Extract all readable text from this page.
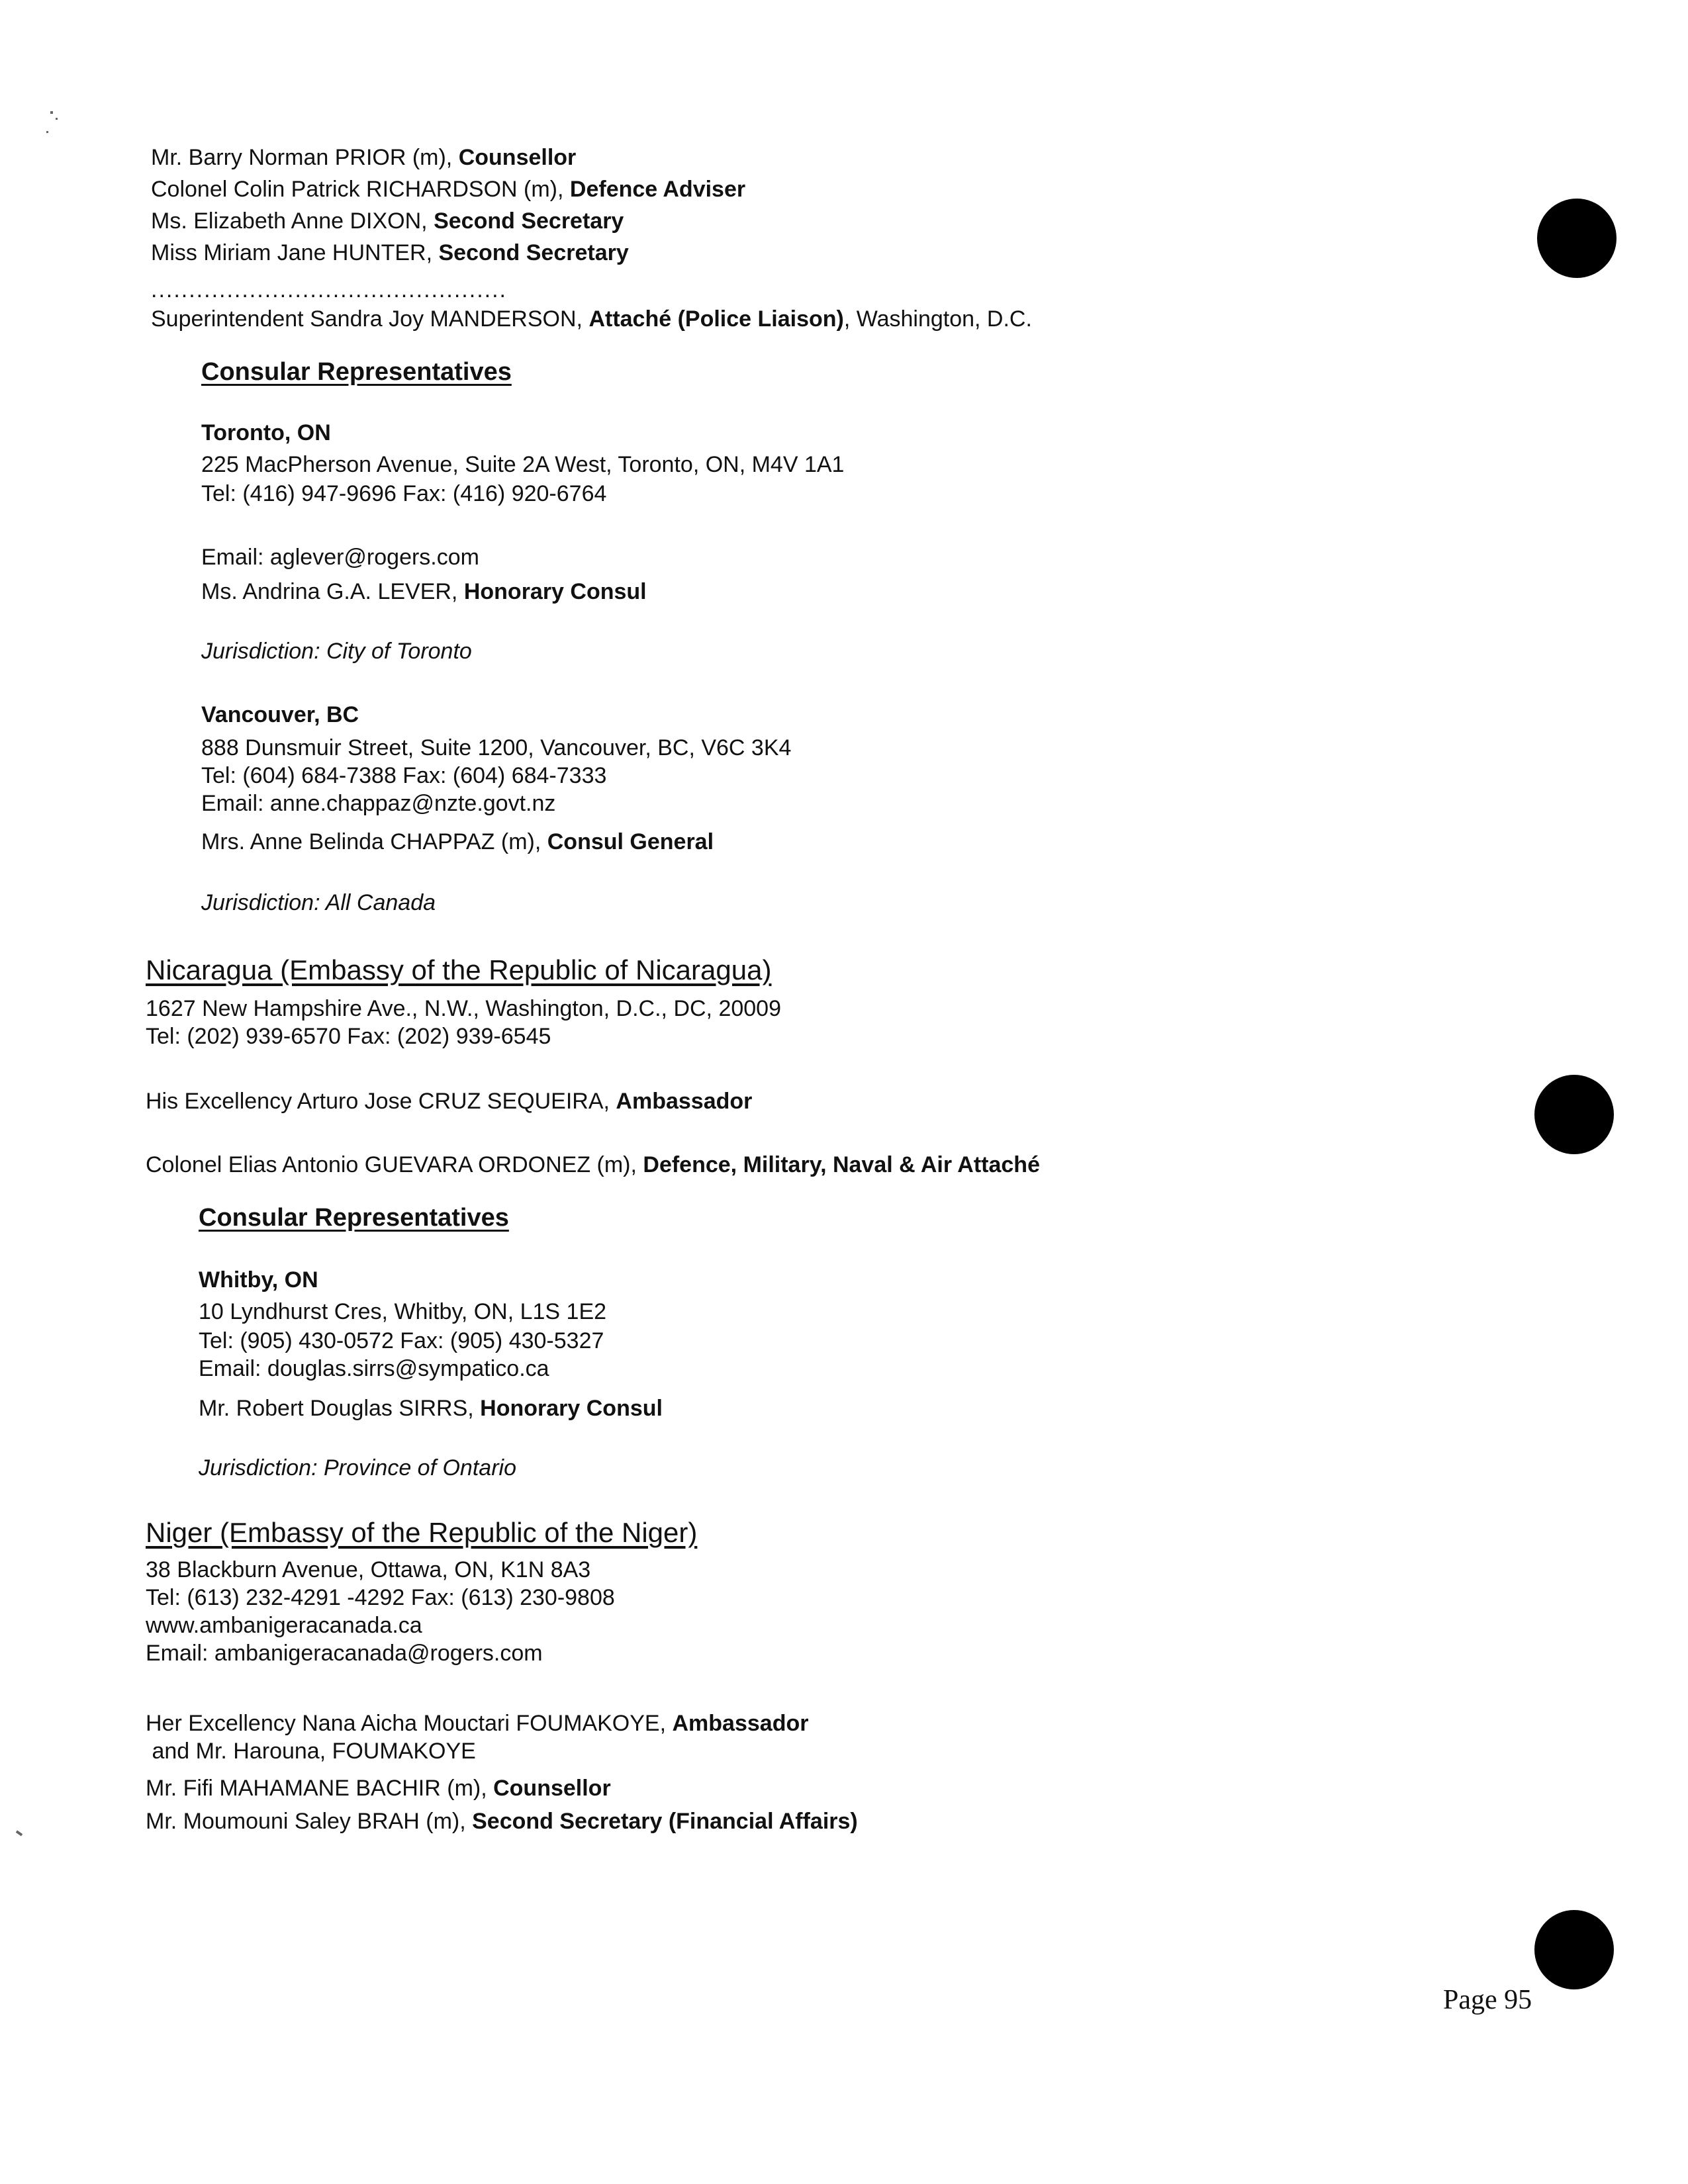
Mr. Barry Norman PRIOR (m), Counsellor
Colonel Colin Patrick RICHARDSON (m), Defence Adviser
Ms. Elizabeth Anne DIXON, Second Secretary
Miss Miriam Jane HUNTER, Second Secretary
...............................................
Superintendent Sandra Joy MANDERSON, Attaché (Police Liaison), Washington, D.C.
Consular Representatives
Toronto, ON
225 MacPherson Avenue, Suite 2A West, Toronto, ON, M4V 1A1
Tel: (416) 947-9696 Fax: (416) 920-6764
Email: aglever@rogers.com
Ms. Andrina G.A. LEVER, Honorary Consul
Jurisdiction: City of Toronto
Vancouver, BC
888 Dunsmuir Street, Suite 1200, Vancouver, BC, V6C 3K4
Tel: (604) 684-7388 Fax: (604) 684-7333
Email: anne.chappaz@nzte.govt.nz
Mrs. Anne Belinda CHAPPAZ (m), Consul General
Jurisdiction: All Canada
Nicaragua (Embassy of the Republic of Nicaragua)
1627 New Hampshire Ave., N.W., Washington, D.C., DC, 20009
Tel: (202) 939-6570 Fax: (202) 939-6545
His Excellency Arturo Jose CRUZ SEQUEIRA, Ambassador
Colonel Elias Antonio GUEVARA ORDONEZ (m), Defence, Military, Naval & Air Attaché
Consular Representatives
Whitby, ON
10 Lyndhurst Cres, Whitby, ON, L1S 1E2
Tel: (905) 430-0572 Fax: (905) 430-5327
Email: douglas.sirrs@sympatico.ca
Mr. Robert Douglas SIRRS, Honorary Consul
Jurisdiction: Province of Ontario
Niger (Embassy of the Republic of the Niger)
38 Blackburn Avenue, Ottawa, ON, K1N 8A3
Tel: (613) 232-4291 -4292 Fax: (613) 230-9808
www.ambanigeracanada.ca
Email: ambanigeracanada@rogers.com
Her Excellency Nana Aicha Mouctari FOUMAKOYE, Ambassador
and Mr. Harouna, FOUMAKOYE
Mr. Fifi MAHAMANE BACHIR (m), Counsellor
Mr. Moumouni Saley BRAH (m), Second Secretary (Financial Affairs)
Page 95
